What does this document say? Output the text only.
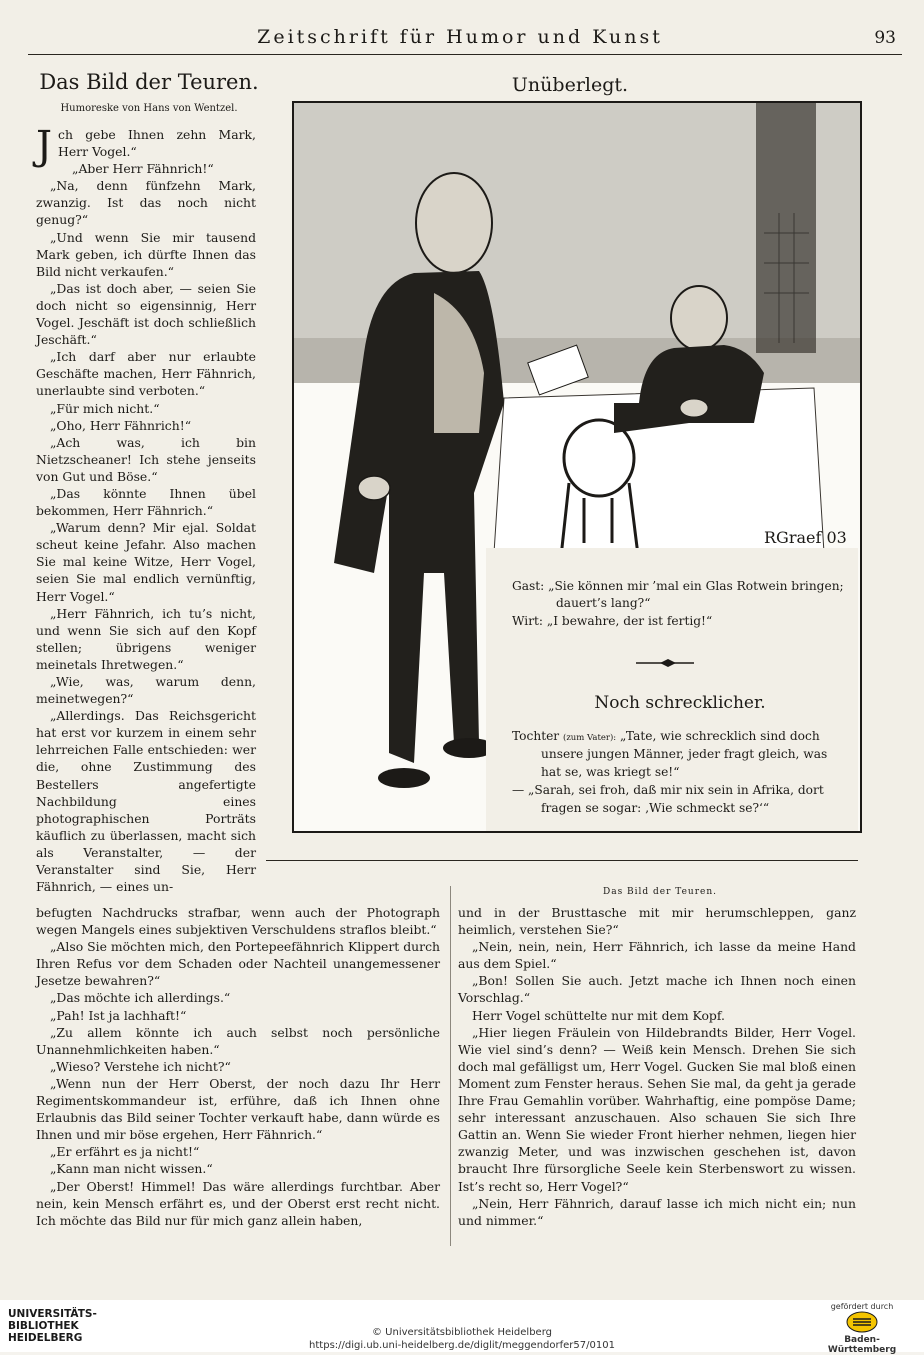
Zeitschrift für Humor und Kunst	93
Das Bild der Teuren.
Humoreske von Hans von Wentzel.

Jch gebe Ihnen zehn Mark, Herr Vogel.“

„Aber Herr Fähnrich!“

„Na, denn fünfzehn Mark, zwanzig. Ist das noch nicht genug?“

„Und wenn Sie mir tausend Mark geben, ich dürfte Ihnen das Bild nicht verkaufen.“

„Das ist doch aber, — seien Sie doch nicht so eigensinnig, Herr Vogel. Jeschäft ist doch schließlich Jeschäft.“

„Ich darf aber nur erlaubte Geschäfte machen, Herr Fähnrich, unerlaubte sind verboten.“

„Für mich nicht.“

„Oho, Herr Fähnrich!“

„Ach was, ich bin Nietzscheaner! Ich stehe jenseits von Gut und Böse.“

„Das könnte Ihnen übel bekommen, Herr Fähnrich.“

„Warum denn? Mir ejal. Soldat scheut keine Jefahr. Also machen Sie mal keine Witze, Herr Vogel, seien Sie mal endlich vernünftig, Herr Vogel.“

„Herr Fähnrich, ich tu’s nicht, und wenn Sie sich auf den Kopf stellen; übrigens weniger meinetals Ihretwegen.“

„Wie, was, warum denn, meinetwegen?“

„Allerdings. Das Reichsgericht hat erst vor kurzem in einem sehr lehrreichen Falle entschieden: wer die, ohne Zustimmung des Bestellers angefertigte Nachbildung eines photographischen Porträts käuflich zu überlassen, macht sich als Veranstalter, — der Veranstalter sind Sie, Herr Fähnrich, — eines un-

Unüberlegt.
RGraef 03
Gast: „Sie können mir ’mal ein Glas Rotwein bringen;
dauert’s lang?“
Wirt: „I bewahre, der ist fertig!“
Noch schrecklicher.
Tochter (zum Vater): „Tate, wie schrecklich sind doch
unsere jungen Männer, jeder fragt gleich, was
hat se, was kriegt se!“
— „Sarah, sei froh, daß mir nix sein in Afrika, dort
fragen se sogar: ‚Wie schmeckt se?‘“

befugten Nachdrucks strafbar, wenn auch der Photograph wegen Mangels eines subjektiven Verschuldens straflos bleibt.“

„Also Sie möchten mich, den Portepeefähnrich Klippert durch Ihren Refus vor dem Schaden oder Nachteil unangemessener Jesetze bewahren?“

„Das möchte ich allerdings.“

„Pah! Ist ja lachhaft!“

„Zu allem könnte ich auch selbst noch persönliche Unannehmlichkeiten haben.“

„Wieso? Verstehe ich nicht?“

„Wenn nun der Herr Oberst, der noch dazu Ihr Herr Regimentskommandeur ist, erführe, daß ich Ihnen ohne Erlaubnis das Bild seiner Tochter verkauft habe, dann würde es Ihnen und mir böse ergehen, Herr Fähnrich.“

„Er erfährt es ja nicht!“

„Kann man nicht wissen.“

„Der Oberst! Himmel! Das wäre allerdings furchtbar. Aber nein, kein Mensch erfährt es, und der Oberst erst recht nicht. Ich möchte das Bild nur für mich ganz allein haben,

Das Bild der Teuren.

und in der Brusttasche mit mir herumschleppen, ganz heimlich, verstehen Sie?“

„Nein, nein, nein, Herr Fähnrich, ich lasse da meine Hand aus dem Spiel.“

„Bon! Sollen Sie auch. Jetzt mache ich Ihnen noch einen Vorschlag.“

Herr Vogel schüttelte nur mit dem Kopf.

„Hier liegen Fräulein von Hildebrandts Bilder, Herr Vogel. Wie viel sind’s denn? — Weiß kein Mensch. Drehen Sie sich doch mal gefälligst um, Herr Vogel. Gucken Sie mal bloß einen Moment zum Fenster heraus. Sehen Sie mal, da geht ja gerade Ihre Frau Gemahlin vorüber. Wahrhaftig, eine pompöse Dame; sehr interessant anzuschauen. Also schauen Sie sich Ihre Gattin an. Wenn Sie wieder Front hierher nehmen, liegen hier zwanzig Meter, und was inzwischen geschehen ist, davon braucht Ihre fürsorgliche Seele kein Sterbenswort zu wissen. Ist’s recht so, Herr Vogel?“

„Nein, Herr Fähnrich, darauf lasse ich mich nicht ein; nun und nimmer.“

UNIVERSITÄTS-
BIBLIOTHEK
HEIDELBERG	© Universitätsbibliothek Heidelberg
https://digi.ub.uni-heidelberg.de/diglit/meggendorfer57/0101
gefördert durch
Baden-Württemberg
